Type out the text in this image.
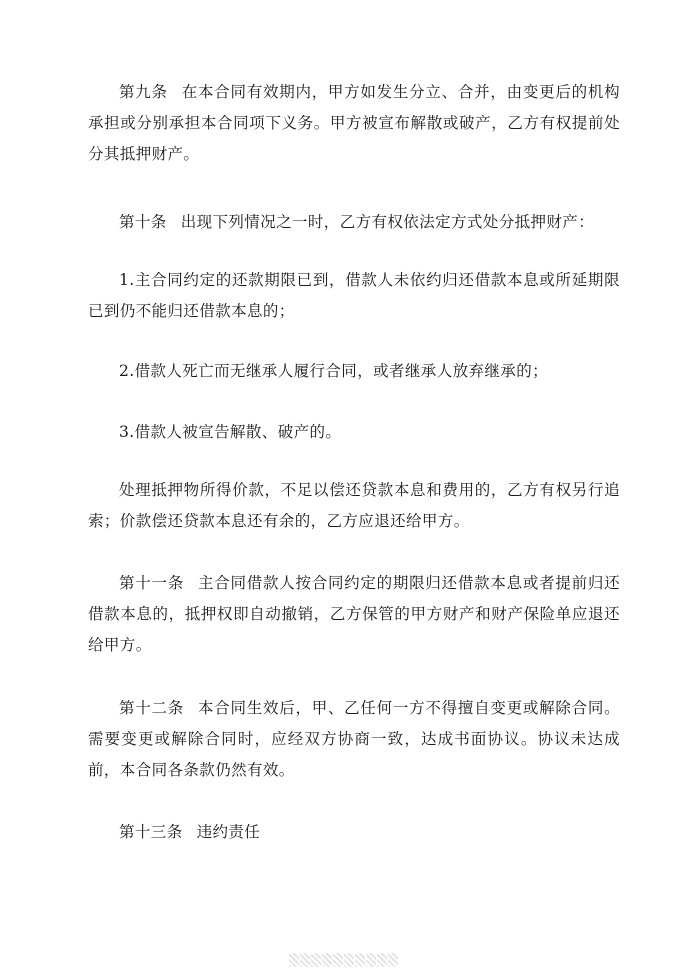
第九条 在本合同有效期内，甲方如发生分立、合并，由变更后的机构承担或分别承担本合同项下义务。甲方被宣布解散或破产，乙方有权提前处分其抵押财产。

第十条 出现下列情况之一时，乙方有权依法定方式处分抵押财产：

1.主合同约定的还款期限已到，借款人未依约归还借款本息或所延期限已到仍不能归还借款本息的；

2.借款人死亡而无继承人履行合同，或者继承人放弃继承的；

3.借款人被宣告解散、破产的。

处理抵押物所得价款，不足以偿还贷款本息和费用的，乙方有权另行追索；价款偿还贷款本息还有余的，乙方应退还给甲方。

第十一条 主合同借款人按合同约定的期限归还借款本息或者提前归还借款本息的，抵押权即自动撤销，乙方保管的甲方财产和财产保险单应退还给甲方。

第十二条 本合同生效后，甲、乙任何一方不得擅自变更或解除合同。需要变更或解除合同时，应经双方协商一致，达成书面协议。协议未达成前，本合同各条款仍然有效。

第十三条 违约责任
